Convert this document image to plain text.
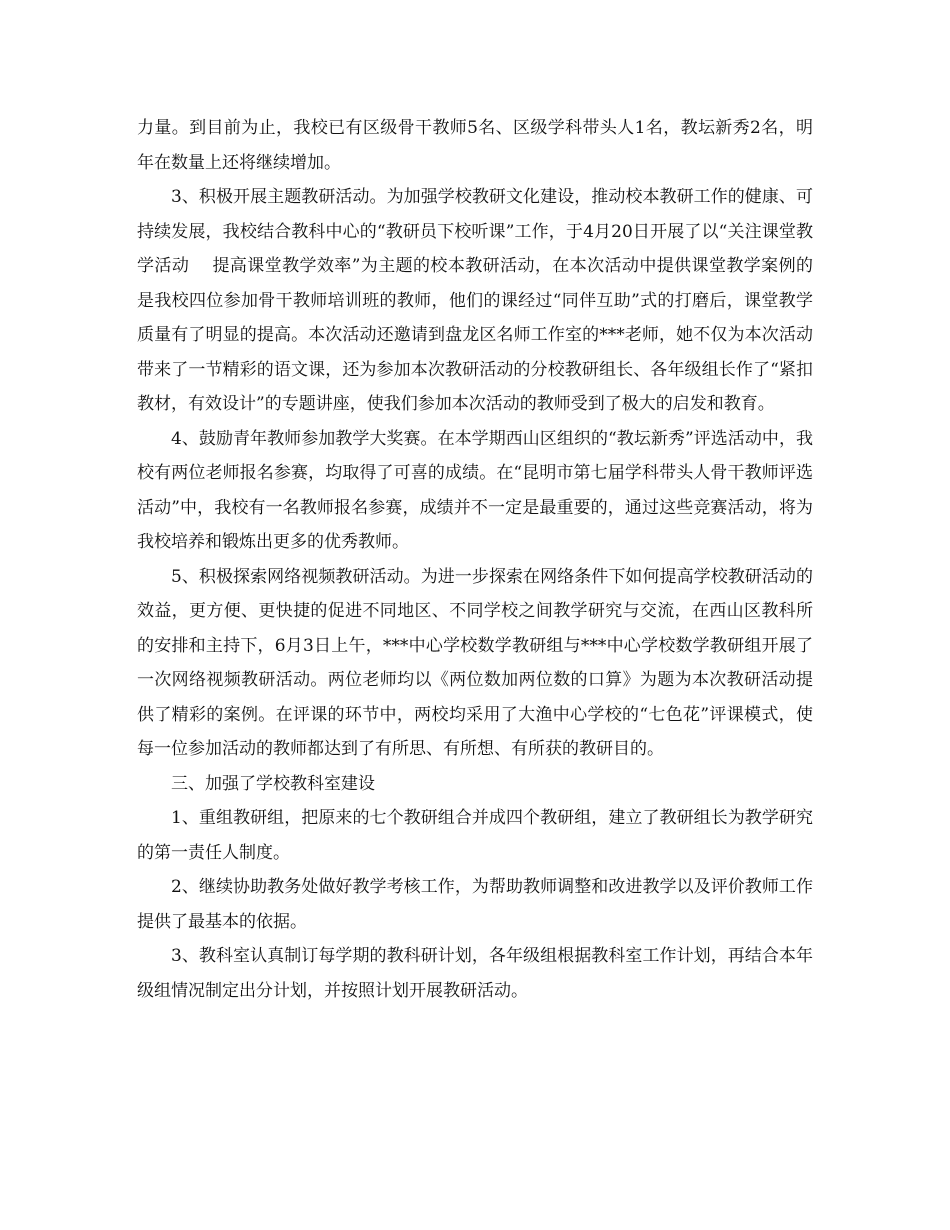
力量。到目前为止，我校已有区级骨干教师5名、区级学科带头人1名，教坛新秀2名，明年在数量上还将继续增加。

3、积极开展主题教研活动。为加强学校教研文化建设，推动校本教研工作的健康、可持续发展，我校结合教科中心的“教研员下校听课”工作，于4月20日开展了以“关注课堂教学活动　 提高课堂教学效率”为主题的校本教研活动，在本次活动中提供课堂教学案例的是我校四位参加骨干教师培训班的教师，他们的课经过“同伴互助”式的打磨后，课堂教学质量有了明显的提高。本次活动还邀请到盘龙区名师工作室的***老师，她不仅为本次活动带来了一节精彩的语文课，还为参加本次教研活动的分校教研组长、各年级组长作了“紧扣教材，有效设计”的专题讲座，使我们参加本次活动的教师受到了极大的启发和教育。

4、鼓励青年教师参加教学大奖赛。在本学期西山区组织的“教坛新秀”评选活动中，我校有两位老师报名参赛，均取得了可喜的成绩。在“昆明市第七届学科带头人骨干教师评选活动”中，我校有一名教师报名参赛，成绩并不一定是最重要的，通过这些竞赛活动，将为我校培养和锻炼出更多的优秀教师。

5、积极探索网络视频教研活动。为进一步探索在网络条件下如何提高学校教研活动的效益，更方便、更快捷的促进不同地区、不同学校之间教学研究与交流，在西山区教科所的安排和主持下，6月3日上午，***中心学校数学教研组与***中心学校数学教研组开展了一次网络视频教研活动。两位老师均以《两位数加两位数的口算》为题为本次教研活动提供了精彩的案例。在评课的环节中，两校均采用了大渔中心学校的“七色花”评课模式，使每一位参加活动的教师都达到了有所思、有所想、有所获的教研目的。

三、加强了学校教科室建设

1、重组教研组，把原来的七个教研组合并成四个教研组，建立了教研组长为教学研究的第一责任人制度。

2、继续协助教务处做好教学考核工作，为帮助教师调整和改进教学以及评价教师工作提供了最基本的依据。

3、教科室认真制订每学期的教科研计划，各年级组根据教科室工作计划，再结合本年级组情况制定出分计划，并按照计划开展教研活动。
